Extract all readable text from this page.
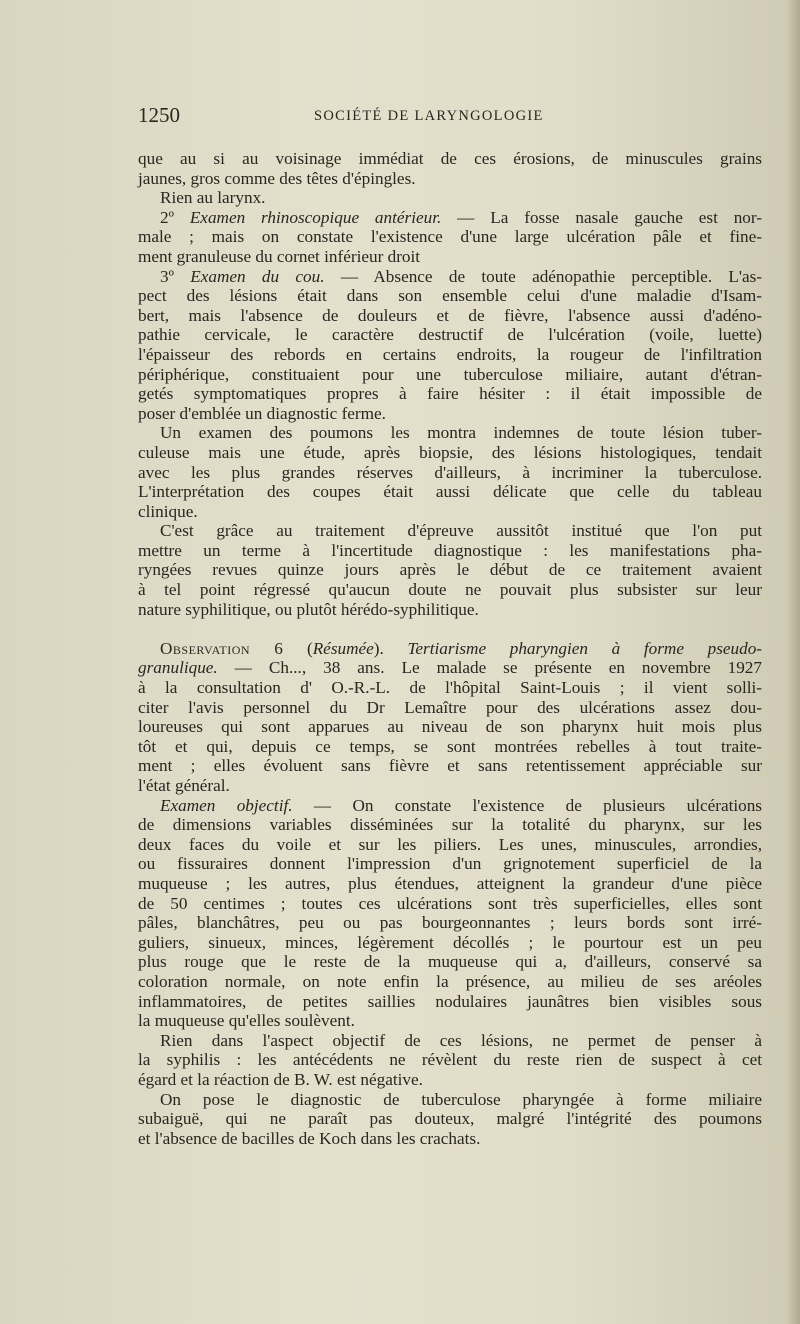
1250	SOCIÉTÉ DE LARYNGOLOGIE
que au si au voisinage immédiat de ces érosions, de minuscules grains
jaunes, gros comme des têtes d'épingles.
Rien au larynx.
2º Examen rhinoscopique antérieur. — La fosse nasale gauche est nor-
male ; mais on constate l'existence d'une large ulcération pâle et fine-
ment granuleuse du cornet inférieur droit
3º Examen du cou. — Absence de toute adénopathie perceptible. L'as-
pect des lésions était dans son ensemble celui d'une maladie d'Isam-
bert, mais l'absence de douleurs et de fièvre, l'absence aussi d'adéno-
pathie cervicale, le caractère destructif de l'ulcération (voile, luette)
l'épaisseur des rebords en certains endroits, la rougeur de l'infiltration
périphérique, constituaient pour une tuberculose miliaire, autant d'étran-
getés symptomatiques propres à faire hésiter : il était impossible de
poser d'emblée un diagnostic ferme.
Un examen des poumons les montra indemnes de toute lésion tuber-
culeuse mais une étude, après biopsie, des lésions histologiques, tendait
avec les plus grandes réserves d'ailleurs, à incriminer la tuberculose.
L'interprétation des coupes était aussi délicate que celle du tableau
clinique.
C'est grâce au traitement d'épreuve aussitôt institué que l'on put
mettre un terme à l'incertitude diagnostique : les manifestations pha-
ryngées revues quinze jours après le début de ce traitement avaient
à tel point régressé qu'aucun doute ne pouvait plus subsister sur leur
nature syphilitique, ou plutôt hérédo-syphilitique.
Observation 6 (Résumée). Tertiarisme pharyngien à forme pseudo-
granulique. — Ch..., 38 ans. Le malade se présente en novembre 1927
à la consultation d' O.-R.-L. de l'hôpital Saint-Louis ; il vient solli-
citer l'avis personnel du Dr Lemaître pour des ulcérations assez dou-
loureuses qui sont apparues au niveau de son pharynx huit mois plus
tôt et qui, depuis ce temps, se sont montrées rebelles à tout traite-
ment ; elles évoluent sans fièvre et sans retentissement appréciable sur
l'état général.
Examen objectif. — On constate l'existence de plusieurs ulcérations
de dimensions variables disséminées sur la totalité du pharynx, sur les
deux faces du voile et sur les piliers. Les unes, minuscules, arrondies,
ou fissuraires donnent l'impression d'un grignotement superficiel de la
muqueuse ; les autres, plus étendues, atteignent la grandeur d'une pièce
de 50 centimes ; toutes ces ulcérations sont très superficielles, elles sont
pâles, blanchâtres, peu ou pas bourgeonnantes ; leurs bords sont irré-
guliers, sinueux, minces, légèrement décollés ; le pourtour est un peu
plus rouge que le reste de la muqueuse qui a, d'ailleurs, conservé sa
coloration normale, on note enfin la présence, au milieu de ses aréoles
inflammatoires, de petites saillies nodulaires jaunâtres bien visibles sous
la muqueuse qu'elles soulèvent.
Rien dans l'aspect objectif de ces lésions, ne permet de penser à
la syphilis : les antécédents ne révèlent du reste rien de suspect à cet
égard et la réaction de B. W. est négative.
On pose le diagnostic de tuberculose pharyngée à forme miliaire
subaiguë, qui ne paraît pas douteux, malgré l'intégrité des poumons
et l'absence de bacilles de Koch dans les crachats.
